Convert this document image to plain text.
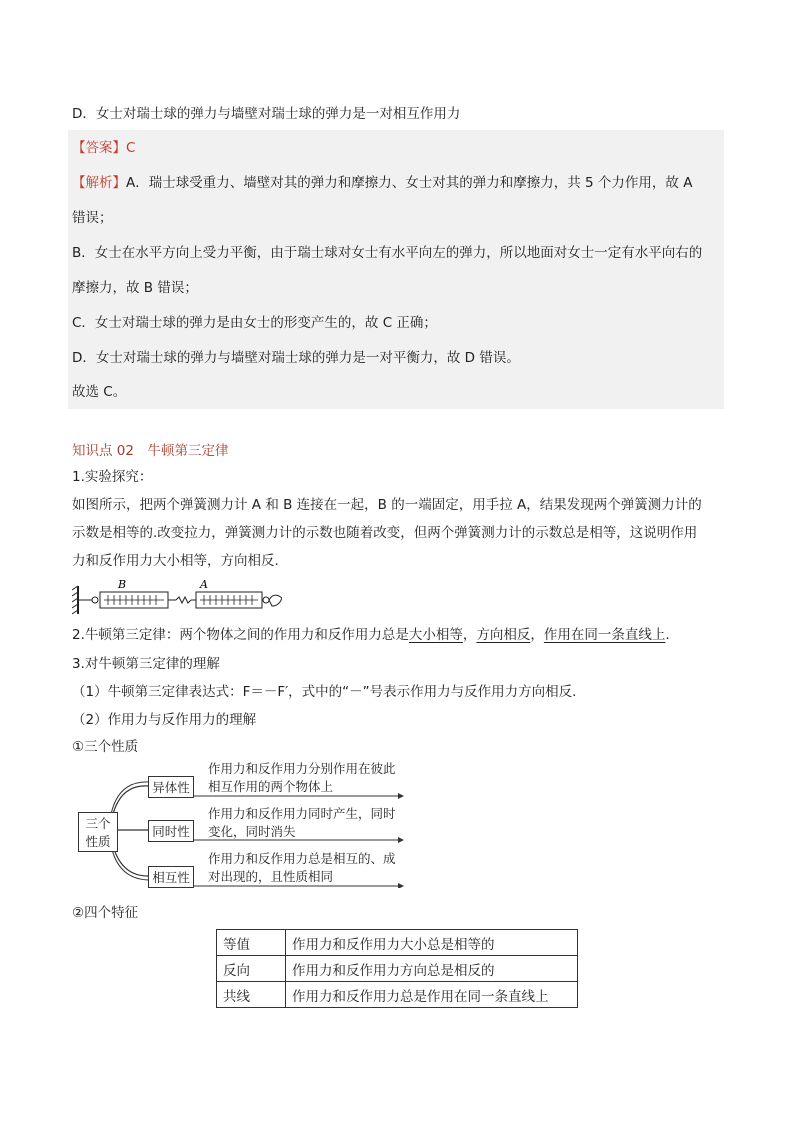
D．女士对瑞士球的弹力与墙壁对瑞士球的弹力是一对相互作用力
【答案】C
【解析】A．瑞士球受重力、墙壁对其的弹力和摩擦力、女士对其的弹力和摩擦力，共 5 个力作用，故 A
错误；
B．女士在水平方向上受力平衡，由于瑞士球对女士有水平向左的弹力，所以地面对女士一定有水平向右的
摩擦力，故 B 错误；
C．女士对瑞士球的弹力是由女士的形变产生的，故 C 正确；
D．女士对瑞士球的弹力与墙壁对瑞士球的弹力是一对平衡力，故 D 错误。
故选 C。
知识点 02　牛顿第三定律
1.实验探究：
如图所示，把两个弹簧测力计 A 和 B 连接在一起，B 的一端固定，用手拉 A，结果发现两个弹簧测力计的
示数是相等的.改变拉力，弹簧测力计的示数也随着改变，但两个弹簧测力计的示数总是相等，这说明作用
力和反作用力大小相等，方向相反.
B	A
2.牛顿第三定律：两个物体之间的作用力和反作用力总是大小相等，方向相反，作用在同一条直线上.
3.对牛顿第三定律的理解
（1）牛顿第三定律表达式：F＝－F′，式中的“－”号表示作用力与反作用力方向相反.
（2）作用力与反作用力的理解
①三个性质
三个
性质
异体性
同时性
相互性
作用力和反作用力分别作用在彼此
相互作用的两个物体上
作用力和反作用力同时产生，同时
变化，同时消失
作用力和反作用力总是相互的、成
对出现的，且性质相同
②四个特征
等值	作用力和反作用力大小总是相等的
反向	作用力和反作用力方向总是相反的
共线	作用力和反作用力总是作用在同一条直线上
